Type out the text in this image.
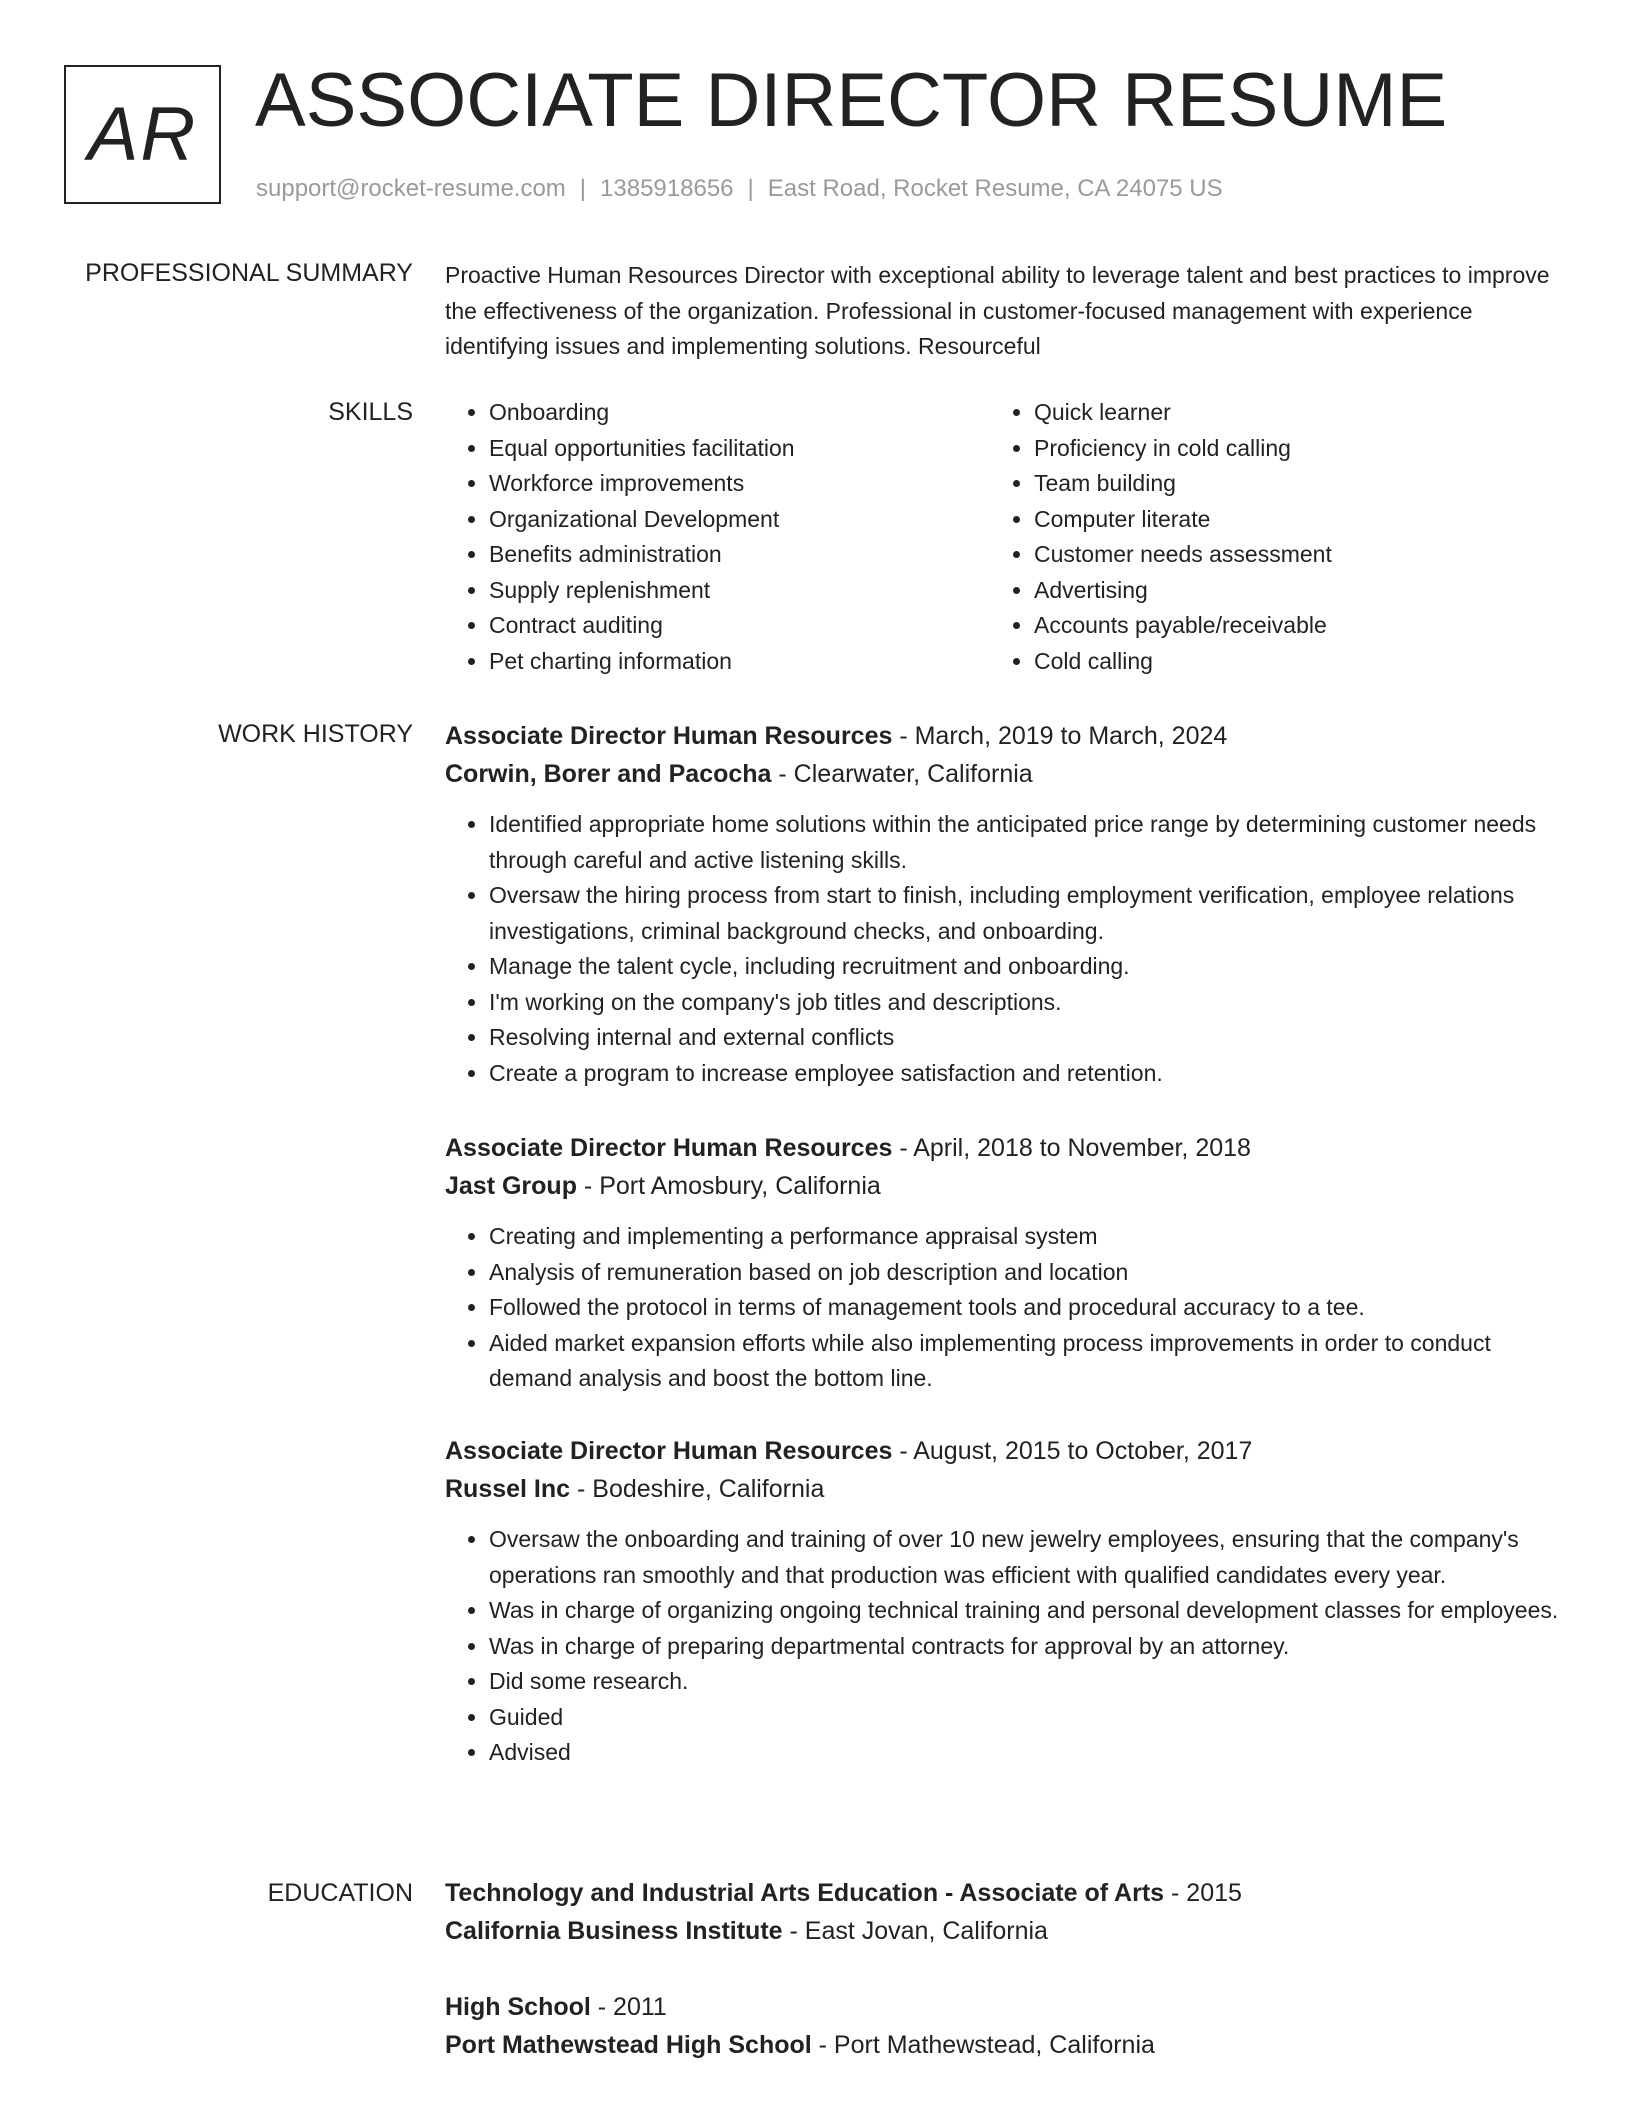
AR ASSOCIATE DIRECTOR RESUME
support@rocket-resume.com | 1385918656 | East Road, Rocket Resume, CA 24075 US
PROFESSIONAL SUMMARY Proactive Human Resources Director with exceptional ability to leverage talent and best practices to improve the effectiveness of the organization. Professional in customer-focused management with experience identifying issues and implementing solutions. Resourceful

SKILLS
•	Onboarding
• Equal opportunities facilitation
• Workforce improvements
• Organizational Development
• Benefits administration
• Supply replenishment
• Contract auditing
• Pet charting information
• Quick learner
• Proficiency in cold calling
• Team building
• Computer literate
• Customer needs assessment
• Advertising
• Accounts payable/receivable
• Cold calling
WORK HISTORY Associate Director Human Resources - March, 2019 to March, 2024
Corwin, Borer and Pacocha - Clearwater, California
• Identified appropriate home solutions within the anticipated price range by determining customer needs through careful and active listening skills.
• Oversaw the hiring process from start to finish, including employment verification, employee relations investigations, criminal background checks, and onboarding.
• Manage the talent cycle, including recruitment and onboarding.
• I'm working on the company's job titles and descriptions.
• Resolving internal and external conflicts
• Create a program to increase employee satisfaction and retention.
Associate Director Human Resources - April, 2018 to November, 2018
Jast Group - Port Amosbury, California
• Creating and implementing a performance appraisal system
• Analysis of remuneration based on job description and location
• Followed the protocol in terms of management tools and procedural accuracy to a tee.
• Aided market expansion efforts while also implementing process improvements in order to conduct demand analysis and boost the bottom line.
Associate Director Human Resources - August, 2015 to October, 2017
Russel Inc - Bodeshire, California
• Oversaw the onboarding and training of over 10 new jewelry employees, ensuring that the company's operations ran smoothly and that production was efficient with qualified candidates every year.
• Was in charge of organizing ongoing technical training and personal development classes for employees.
• Was in charge of preparing departmental contracts for approval by an attorney.
• Did some research.
• Guided
• Advised
EDUCATION Technology and Industrial Arts Education - Associate of Arts - 2015
California Business Institute - East Jovan, California
High School - 2011
Port Mathewstead High School - Port Mathewstead, California
